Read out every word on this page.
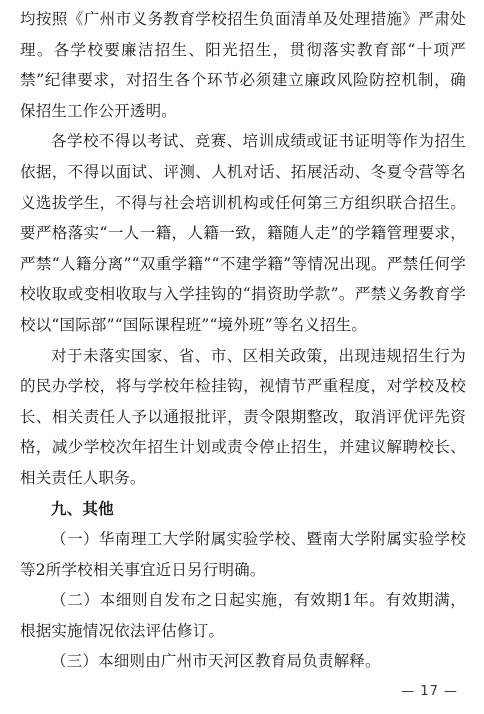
均按照《广州市义务教育学校招生负面清单及处理措施》严肃处理。各学校要廉洁招生、阳光招生，贯彻落实教育部“十项严禁”纪律要求，对招生各个环节必须建立廉政风险防控机制，确保招生工作公开透明。

各学校不得以考试、竞赛、培训成绩或证书证明等作为招生依据，不得以面试、评测、人机对话、拓展活动、冬夏令营等名义选拔学生，不得与社会培训机构或任何第三方组织联合招生。要严格落实“一人一籍，人籍一致，籍随人走”的学籍管理要求，严禁“人籍分离”“双重学籍”“不建学籍”等情况出现。严禁任何学校收取或变相收取与入学挂钩的“捐资助学款”。严禁义务教育学校以“国际部”“国际课程班”“境外班”等名义招生。

对于未落实国家、省、市、区相关政策，出现违规招生行为的民办学校，将与学校年检挂钩，视情节严重程度，对学校及校长、相关责任人予以通报批评，责令限期整改，取消评优评先资格，减少学校次年招生计划或责令停止招生，并建议解聘校长、相关责任人职务。

九、其他

（一）华南理工大学附属实验学校、暨南大学附属实验学校等2所学校相关事宜近日另行明确。

（二）本细则自发布之日起实施，有效期1年。有效期满，根据实施情况依法评估修订。

（三）本细则由广州市天河区教育局负责解释。

— 17 —
